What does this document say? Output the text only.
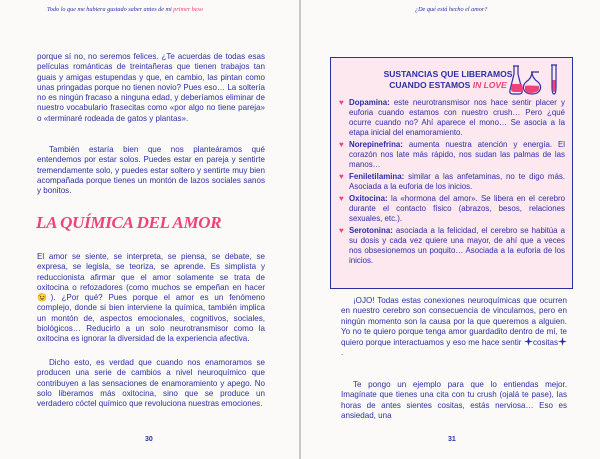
Todo lo que me hubiera gustado saber antes de mi primer beso

porque sí no, no seremos felices. ¿Te acuerdas de todas esas películas románticas de treintañeras que tienen trabajos tan guais y amigas estupendas y que, en cambio, las pintan como unas pringadas porque no tienen novio? Pues eso… La soltería no es ningún fracaso a ninguna edad, y deberíamos eliminar de nuestro vocabulario frasecitas como «por algo no tiene pareja» o «terminaré rodeada de gatos y plantas».

También estaría bien que nos planteáramos qué entendemos por estar solos. Puedes estar en pareja y sentirte tremendamente solo, y puedes estar soltero y sentirte muy bien acompañada porque tienes un montón de lazos sociales sanos y bonitos.

LA QUÍMICA DEL AMOR

El amor se siente, se interpreta, se piensa, se debate, se expresa, se legisla, se teoriza, se aprende. Es simplista y reduccionista afirmar que el amor solamente se trata de oxitocina o refozadores (como muchos se empeñan en hacer 😉). ¿Por qué? Pues porque el amor es un fenómeno complejo, donde si bien interviene la química, también implica un montón de, aspectos emocionales, cognitivos, sociales, biológicos… Reducirlo a un solo neurotransmisor como la oxitocina es ignorar la diversidad de la experiencia afectiva.

Dicho esto, es verdad que cuando nos enamoramos se producen una serie de cambios a nivel neuroquímico que contribuyen a las sensaciones de enamoramiento y apego. No solo liberamos más oxitocina, sino que se produce un verdadero cóctel químico que revoluciona nuestras emociones.

30
¿De qué está hecho el amor?
SUSTANCIAS QUE LIBERAMOS
CUANDO ESTAMOS IN LOVE
♥ Dopamina: este neurotransmisor nos hace sentir placer y euforia cuando estamos con nuestro crush… Pero ¿qué ocurre cuando no? Ahí aparece el mono… Se asocia a la etapa inicial del enamoramiento.
♥ Norepinefrina: aumenta nuestra atención y energía. El corazón nos late más rápido, nos sudan las palmas de las manos…
♥ Feniletilamina: similar a las anfetaminas, no te digo más. Asociada a la euforia de los inicios.
♥ Oxitocina: la «hormona del amor». Se libera en el cerebro durante el contacto físico (abrazos, besos, relaciones sexuales, etc.).
♥ Serotonina: asociada a la felicidad, el cerebro se habitúa a su dosis y cada vez quiere una mayor, de ahí que a veces nos obsesionemos un poquito… Asociada a la euforia de los inicios.

¡OJO! Todas estas conexiones neuroquímicas que ocurren en nuestro cerebro son consecuencia de vincularnos, pero en ningún momento son la causa por la que queremos a alguien. Yo no te quiero porque tenga amor guardadito dentro de mí, te quiero porque interactuamos y eso me hace sentir cositas.

Te pongo un ejemplo para que lo entiendas mejor. Imagínate que tienes una cita con tu crush (ojalá te pase), las horas de antes sientes cositas, estás nerviosa… Eso es ansiedad, una

31
